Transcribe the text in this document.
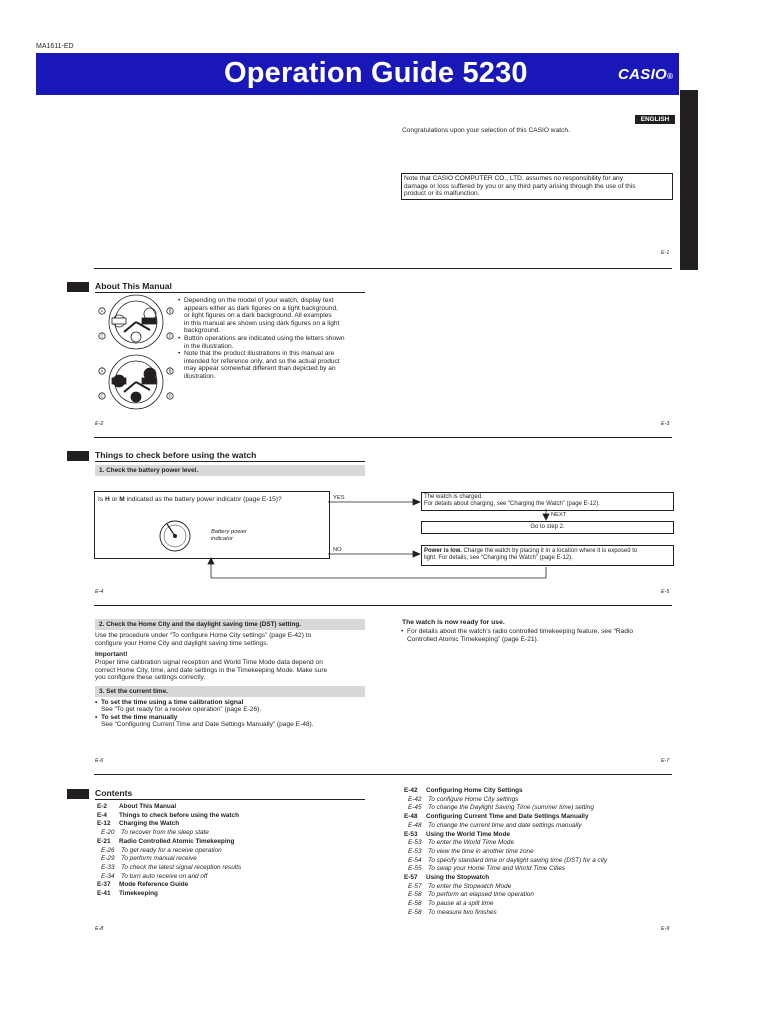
MA1611-ED
Operation Guide 5230	CASIO®
ENGLISH
Congratulations upon your selection of this CASIO watch.
Note that CASIO COMPUTER CO., LTD. assumes no responsibility for any
damage or loss suffered by you or any third party arising through the use of this
product or its malfunction.
E-1
About This Manual
A	B
C	D
A	B
C	D
• Depending on the model of your watch, display text
appears either as dark figures on a light background,
or light figures on a dark background. All examples
in this manual are shown using dark figures on a light
background.
• Button operations are indicated using the letters shown
in the illustration.
• Note that the product illustrations in this manual are
intended for reference only, and so the actual product
may appear somewhat different than depicted by an
illustration.
E-2	E-3
Things to check before using the watch
1. Check the battery power level.
Is H or M indicated as the battery power indicator (page E-15)?
Battery power
indicator
YES
NO
The watch is charged.
For details about charging, see “Charging the Watch” (page E-12).
NEXT
Go to step 2.
Power is low. Charge the watch by placing it in a location where it is exposed to
light. For details, see “Charging the Watch” (page E-12).
E-4	E-5
2. Check the Home City and the daylight saving time (DST) setting.
Use the procedure under “To configure Home City settings” (page E-42) to
configure your Home City and daylight saving time settings.
Important!
Proper time calibration signal reception and World Time Mode data depend on
correct Home City, time, and date settings in the Timekeeping Mode. Make sure
you configure these settings correctly.
3. Set the current time.
• To set the time using a time calibration signal
See “To get ready for a receive operation” (page E-26).
• To set the time manually
See “Configuring Current Time and Date Settings Manually” (page E-48).
The watch is now ready for use.
• For details about the watch’s radio controlled timekeeping feature, see “Radio
Controlled Atomic Timekeeping” (page E-21).
E-6	E-7
Contents
E-2 About This Manual
E-4 Things to check before using the watch
E-12 Charging the Watch
E-20 To recover from the sleep state
E-21 Radio Controlled Atomic Timekeeping
E-26 To get ready for a receive operation
E-29 To perform manual receive
E-33 To check the latest signal reception results
E-34 To turn auto receive on and off
E-37 Mode Reference Guide
E-41 Timekeeping
E-42 Configuring Home City Settings
E-42 To configure Home City settings
E-45 To change the Daylight Saving Time (summer time) setting
E-48 Configuring Current Time and Date Settings Manually
E-48 To change the current time and date settings manually
E-53 Using the World Time Mode
E-53 To enter the World Time Mode
E-53 To view the time in another time zone
E-54 To specify standard time or daylight saving time (DST) for a city
E-55 To swap your Home Time and World Time Cities
E-57 Using the Stopwatch
E-57 To enter the Stopwatch Mode
E-58 To perform an elapsed time operation
E-58 To pause at a split time
E-58 To measure two finishes
E-8	E-9
